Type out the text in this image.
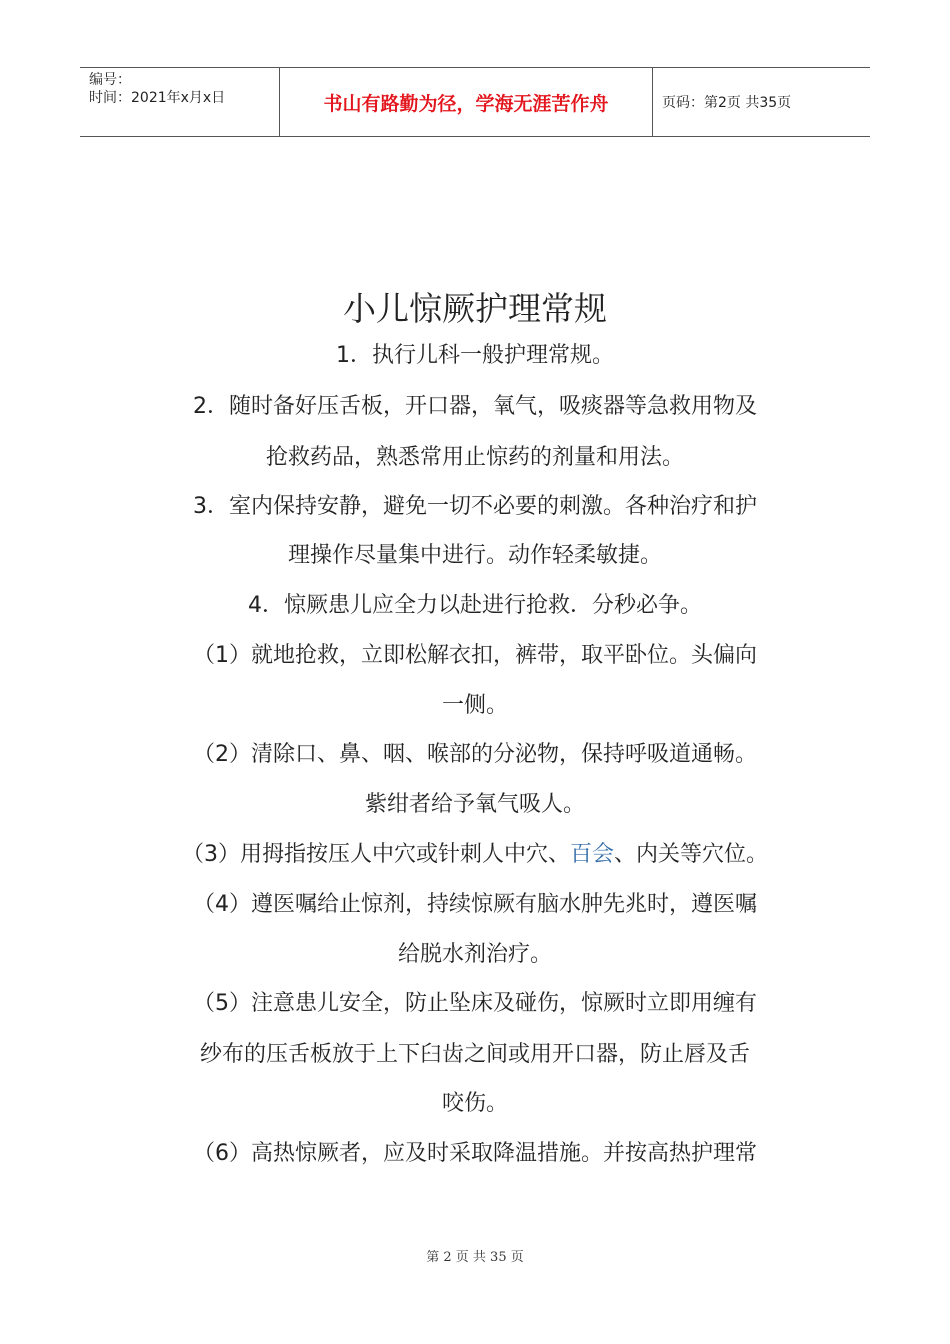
编号：
时间：2021年x月x日	书山有路勤为径，学海无涯苦作舟	页码：第2页 共35页
小儿惊厥护理常规
1．执行儿科一般护理常规。
2．随时备好压舌板，开口器，氧气，吸痰器等急救用物及
抢救药品，熟悉常用止惊药的剂量和用法。
3．室内保持安静，避免一切不必要的刺激。各种治疗和护
理操作尽量集中进行。动作轻柔敏捷。
4．惊厥患儿应全力以赴进行抢救．分秒必争。
（1）就地抢救，立即松解衣扣，裤带，取平卧位。头偏向
一侧。
（2）清除口、鼻、咽、喉部的分泌物，保持呼吸道通畅。
紫绀者给予氧气吸人。
（3）用拇指按压人中穴或针刺人中穴、百会、内关等穴位。
（4）遵医嘱给止惊剂，持续惊厥有脑水肿先兆时，遵医嘱
给脱水剂治疗。
（5）注意患儿安全，防止坠床及碰伤，惊厥时立即用缠有
纱布的压舌板放于上下臼齿之间或用开口器，防止唇及舌
咬伤。
（6）高热惊厥者，应及时采取降温措施。并按高热护理常
第 2 页 共 35 页
